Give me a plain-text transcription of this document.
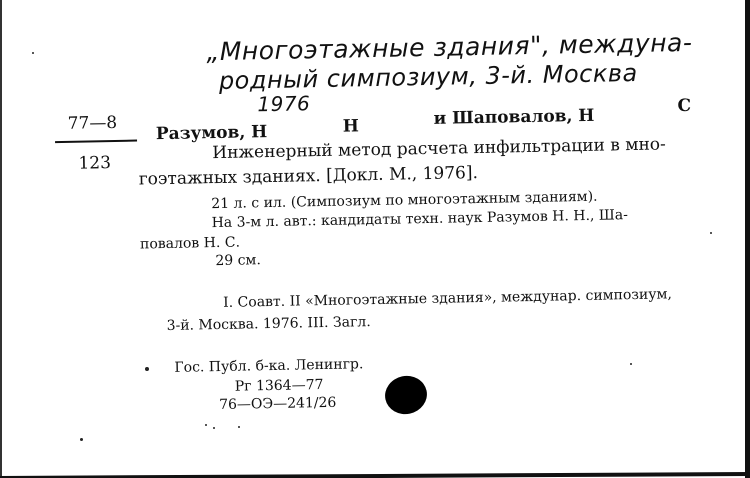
„Многоэтажные здания", междуна-
родный симпозиум, 3-й. Москва
1976
77—8
123
Разумов, Н	Н	и Шаповалов, Н	С
Инженерный метод расчета инфильтрации в мно-
гоэтажных зданиях. [Докл. М., 1976].
21 л. с ил. (Симпозиум по многоэтажным зданиям).
На 3-м л. авт.: кандидаты техн. наук Разумов Н. Н., Ша-
повалов Н. С.
29 см.
I. Соавт. II «Многоэтажные здания», междунар. симпозиум,
3-й. Москва. 1976. III. Загл.
Гос. Публ. б-ка. Ленингр.
Рг 1364—77
76—ОЭ—241/26
